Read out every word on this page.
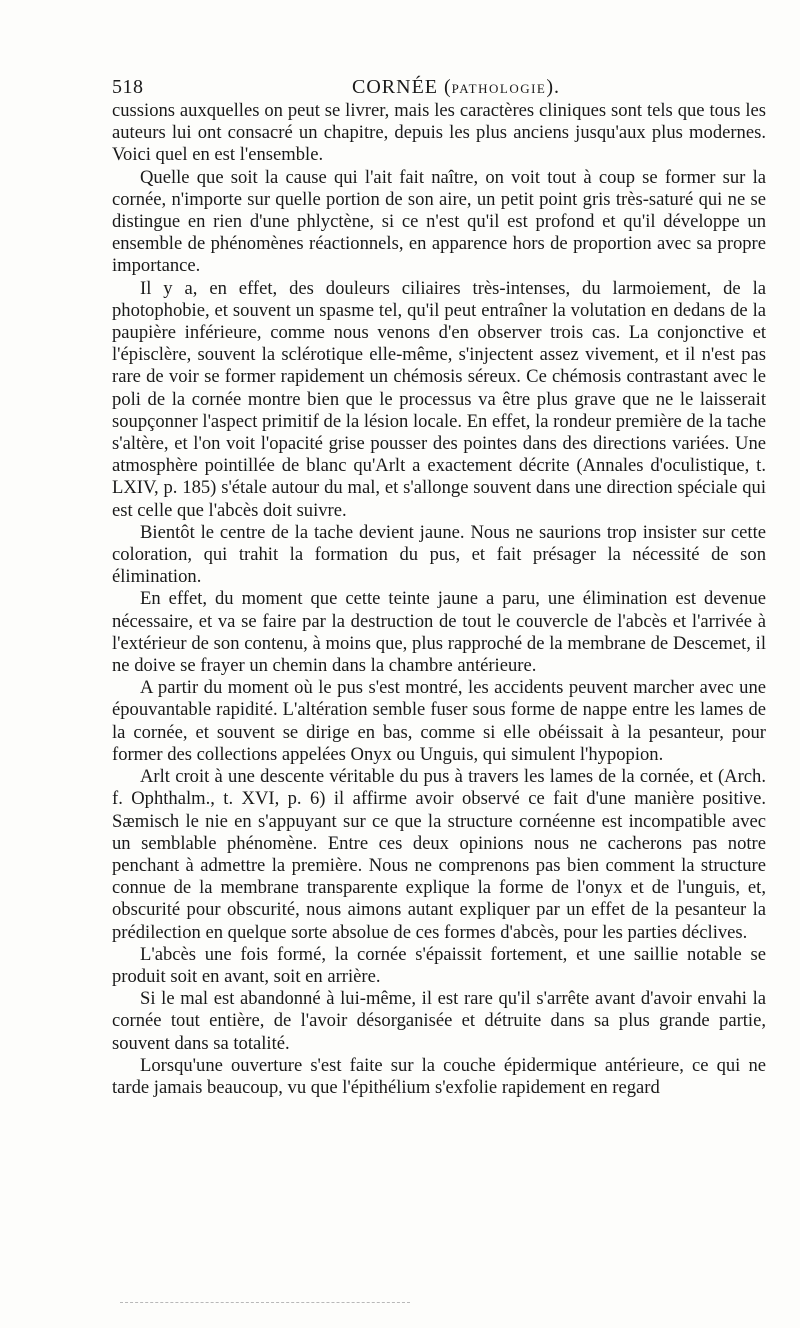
518	CORNÉE (PATHOLOGIE).

cussions auxquelles on peut se livrer, mais les caractères cliniques sont tels que tous les auteurs lui ont consacré un chapitre, depuis les plus anciens jusqu'aux plus modernes. Voici quel en est l'ensemble.

Quelle que soit la cause qui l'ait fait naître, on voit tout à coup se former sur la cornée, n'importe sur quelle portion de son aire, un petit point gris très-saturé qui ne se distingue en rien d'une phlyctène, si ce n'est qu'il est profond et qu'il développe un ensemble de phénomènes réactionnels, en apparence hors de proportion avec sa propre importance.

Il y a, en effet, des douleurs ciliaires très-intenses, du larmoiement, de la photophobie, et souvent un spasme tel, qu'il peut entraîner la volutation en dedans de la paupière inférieure, comme nous venons d'en observer trois cas. La conjonctive et l'épisclère, souvent la sclérotique elle-même, s'injectent assez vivement, et il n'est pas rare de voir se former rapidement un chémosis séreux. Ce chémosis contrastant avec le poli de la cornée montre bien que le processus va être plus grave que ne le laisserait soupçonner l'aspect primitif de la lésion locale. En effet, la rondeur première de la tache s'altère, et l'on voit l'opacité grise pousser des pointes dans des directions variées. Une atmosphère pointillée de blanc qu'Arlt a exactement décrite (Annales d'oculistique, t. LXIV, p. 185) s'étale autour du mal, et s'allonge souvent dans une direction spéciale qui est celle que l'abcès doit suivre.

Bientôt le centre de la tache devient jaune. Nous ne saurions trop insister sur cette coloration, qui trahit la formation du pus, et fait présager la nécessité de son élimination.

En effet, du moment que cette teinte jaune a paru, une élimination est devenue nécessaire, et va se faire par la destruction de tout le couvercle de l'abcès et l'arrivée à l'extérieur de son contenu, à moins que, plus rapproché de la membrane de Descemet, il ne doive se frayer un chemin dans la chambre antérieure.

A partir du moment où le pus s'est montré, les accidents peuvent marcher avec une épouvantable rapidité. L'altération semble fuser sous forme de nappe entre les lames de la cornée, et souvent se dirige en bas, comme si elle obéissait à la pesanteur, pour former des collections appelées Onyx ou Unguis, qui simulent l'hypopion.

Arlt croit à une descente véritable du pus à travers les lames de la cornée, et (Arch. f. Ophthalm., t. XVI, p. 6) il affirme avoir observé ce fait d'une manière positive. Sæmisch le nie en s'appuyant sur ce que la structure cornéenne est incompatible avec un semblable phénomène. Entre ces deux opinions nous ne cacherons pas notre penchant à admettre la première. Nous ne comprenons pas bien comment la structure connue de la membrane transparente explique la forme de l'onyx et de l'unguis, et, obscurité pour obscurité, nous aimons autant expliquer par un effet de la pesanteur la prédilection en quelque sorte absolue de ces formes d'abcès, pour les parties déclives.

L'abcès une fois formé, la cornée s'épaissit fortement, et une saillie notable se produit soit en avant, soit en arrière.

Si le mal est abandonné à lui-même, il est rare qu'il s'arrête avant d'avoir envahi la cornée tout entière, de l'avoir désorganisée et détruite dans sa plus grande partie, souvent dans sa totalité.

Lorsqu'une ouverture s'est faite sur la couche épidermique antérieure, ce qui ne tarde jamais beaucoup, vu que l'épithélium s'exfolie rapidement en regard
